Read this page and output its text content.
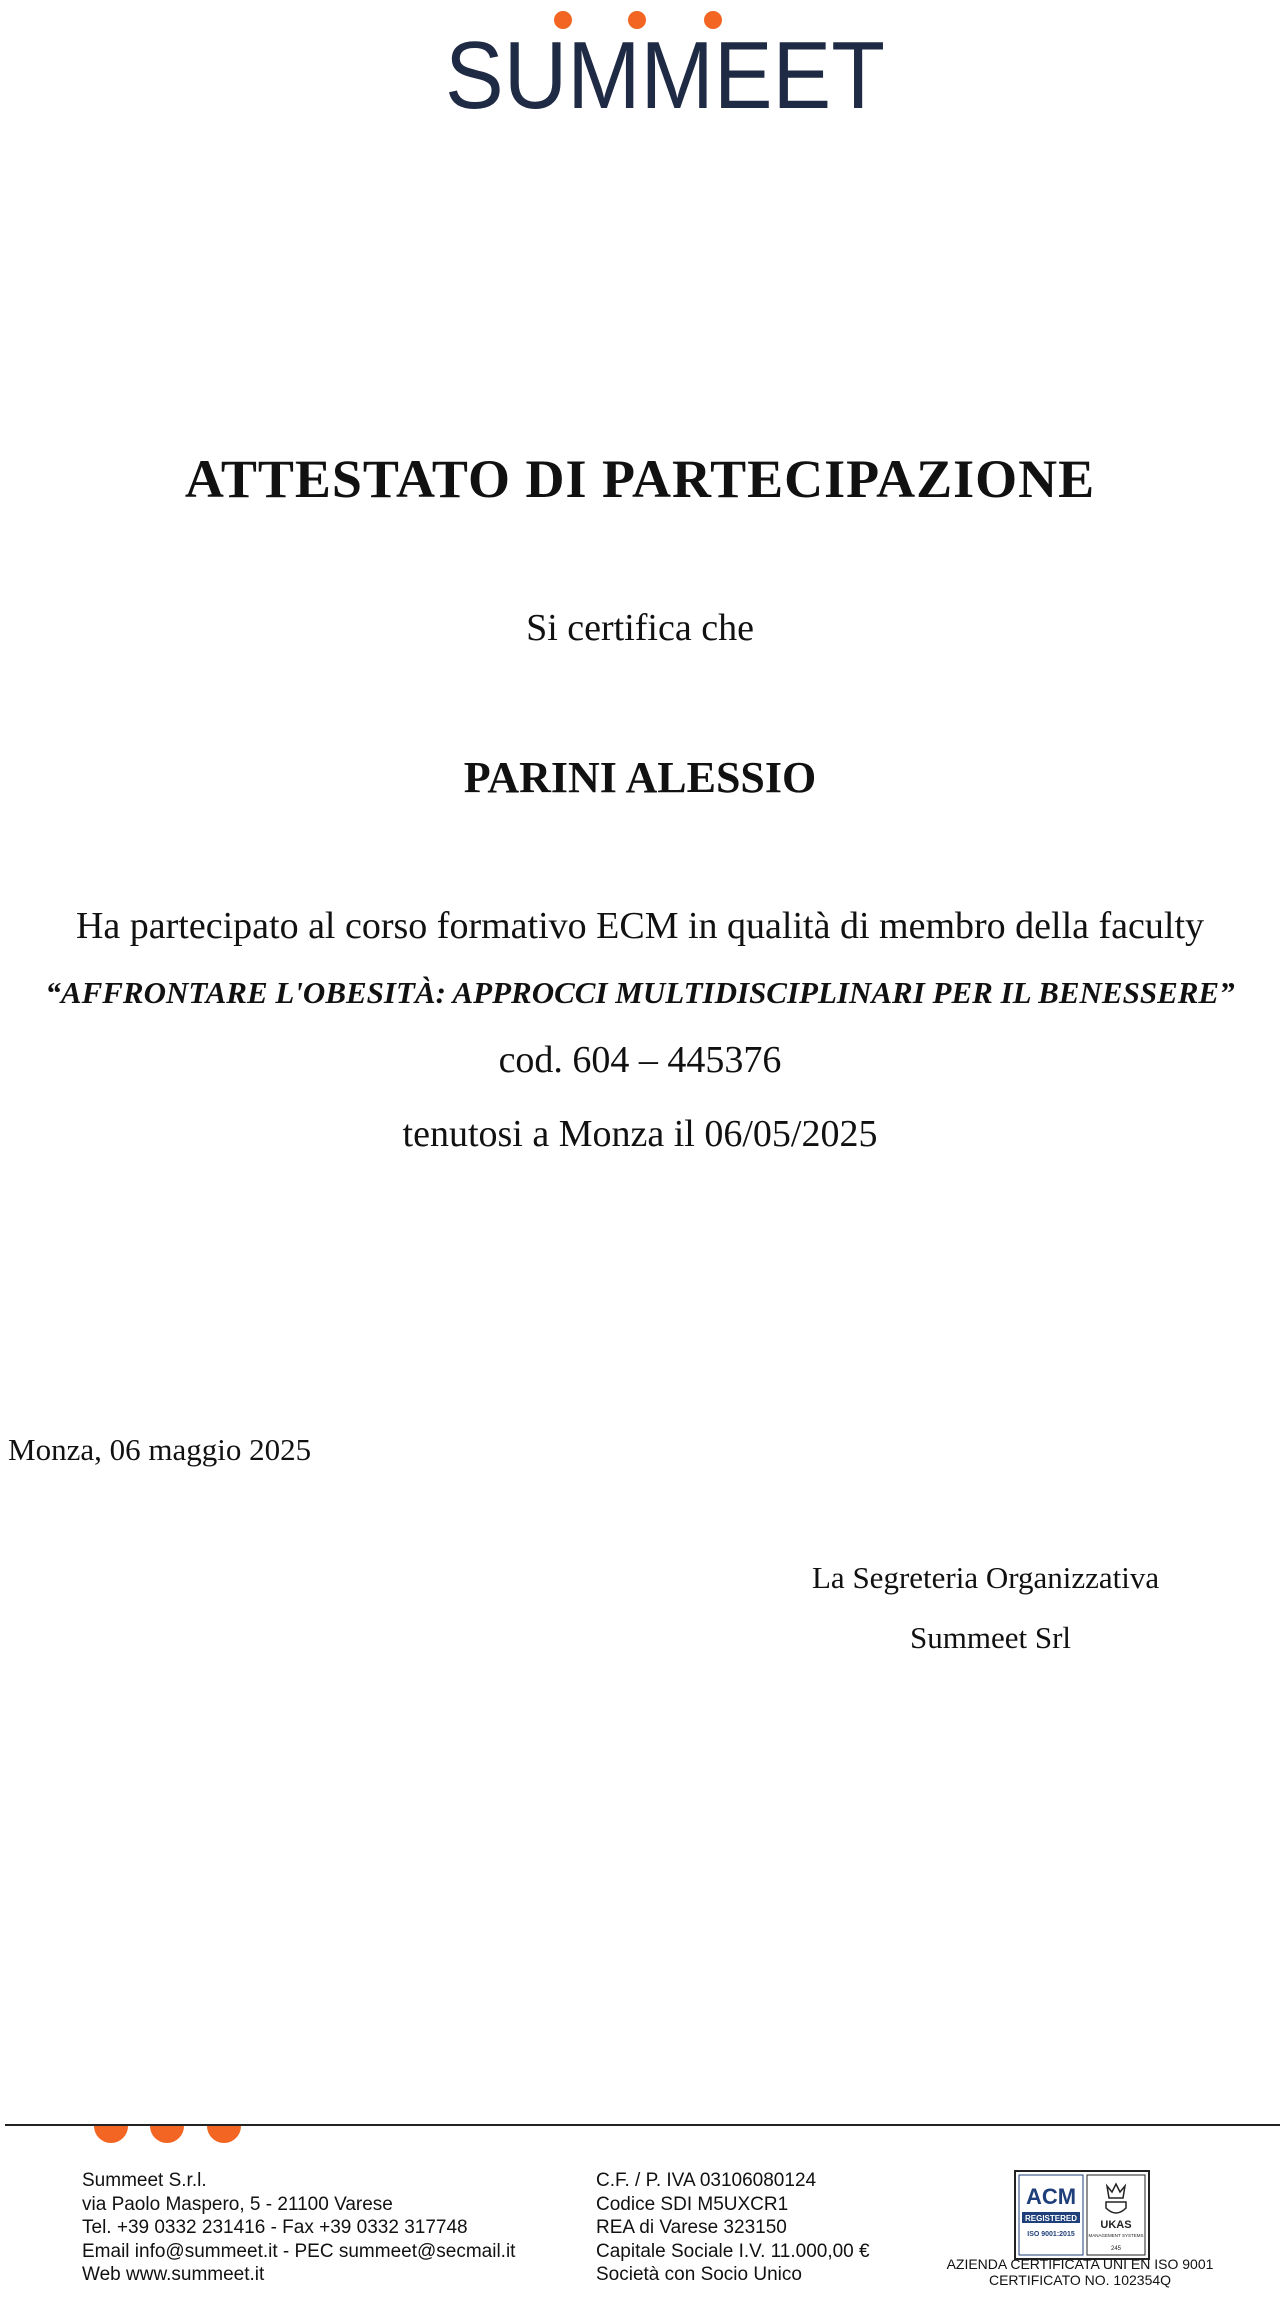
SUMMEET
ATTESTATO DI PARTECIPAZIONE
Si certifica che
PARINI ALESSIO
Ha partecipato al corso formativo ECM in qualità di membro della faculty
“AFFRONTARE L'OBESITÀ: APPROCCI MULTIDISCIPLINARI PER IL BENESSERE”
cod. 604 – 445376
tenutosi a Monza il 06/05/2025
Monza, 06 maggio 2025
La Segreteria Organizzativa
Summeet Srl
Summeet S.r.l.
via Paolo Maspero, 5 - 21100 Varese
Tel. +39 0332 231416 - Fax +39 0332 317748
Email info@summeet.it - PEC summeet@secmail.it
Web www.summeet.it
C.F. / P. IVA 03106080124
Codice SDI M5UXCR1
REA di Varese 323150
Capitale Sociale I.V. 11.000,00 €
Società con Socio Unico
ACM
REGISTERED
ISO 9001:2015
UKAS
MANAGEMENT SYSTEMS
245
AZIENDA CERTIFICATA UNI EN ISO 9001
CERTIFICATO NO. 102354Q
